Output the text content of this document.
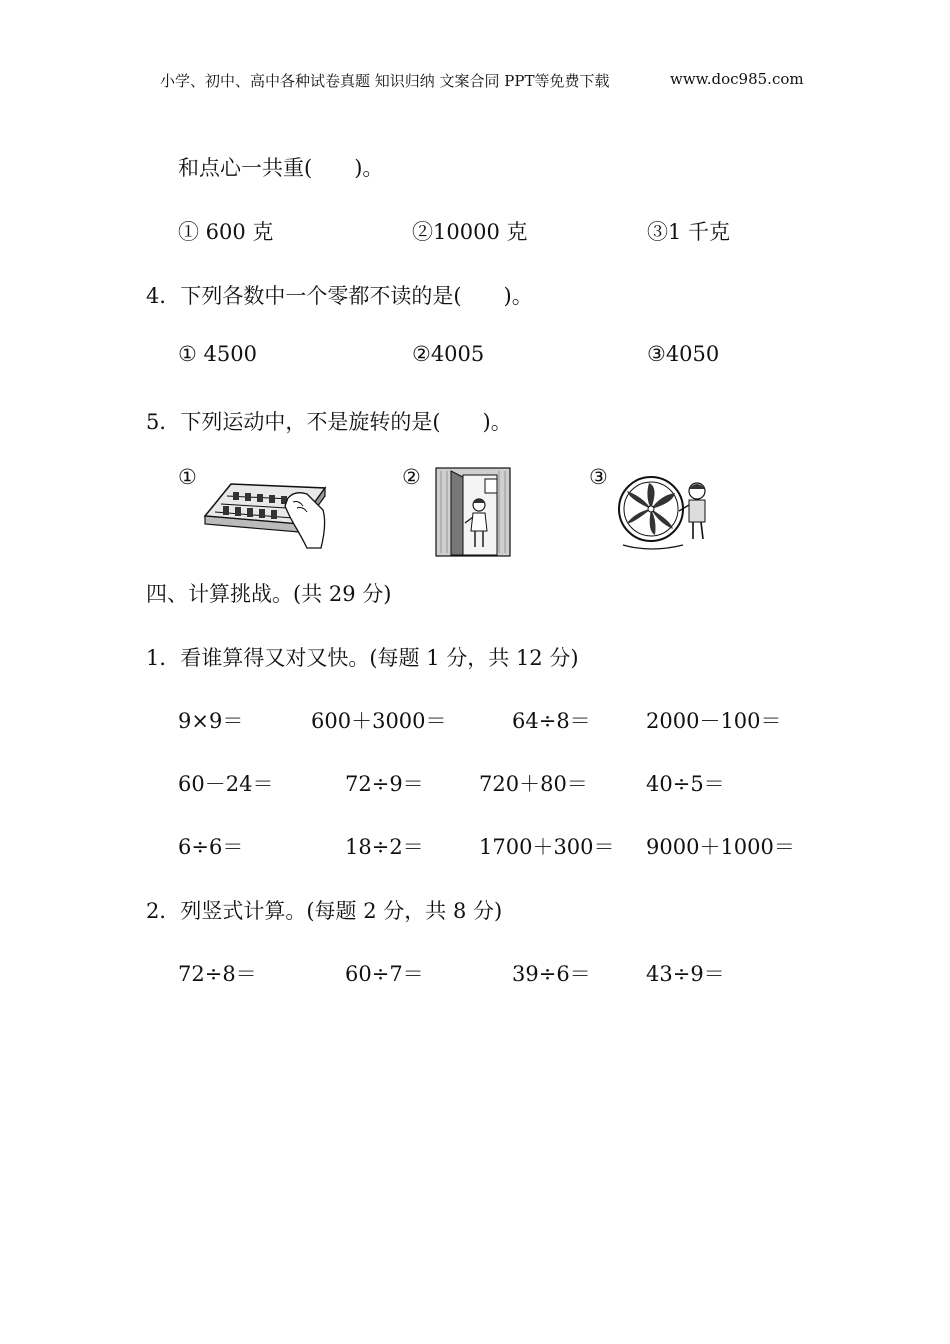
小学、初中、高中各种试卷真题 知识归纳 文案合同 PPT等免费下载	www.doc985.com
和点心一共重(　　)。
① 600 克	②10000 克	③1 千克
4．下列各数中一个零都不读的是(　　)。
① 4500	②4005	③4050
5．下列运动中，不是旋转的是(　　)。
①	②	③
四、计算挑战。(共 29 分)
1．看谁算得又对又快。(每题 1 分，共 12 分)
9×9＝	600＋3000＝	64÷8＝	2000－100＝
60－24＝	72÷9＝	720＋80＝	40÷5＝
6÷6＝	18÷2＝	1700＋300＝ 9000＋1000＝
2．列竖式计算。(每题 2 分，共 8 分)
72÷8＝	60÷7＝	39÷6＝	43÷9＝
